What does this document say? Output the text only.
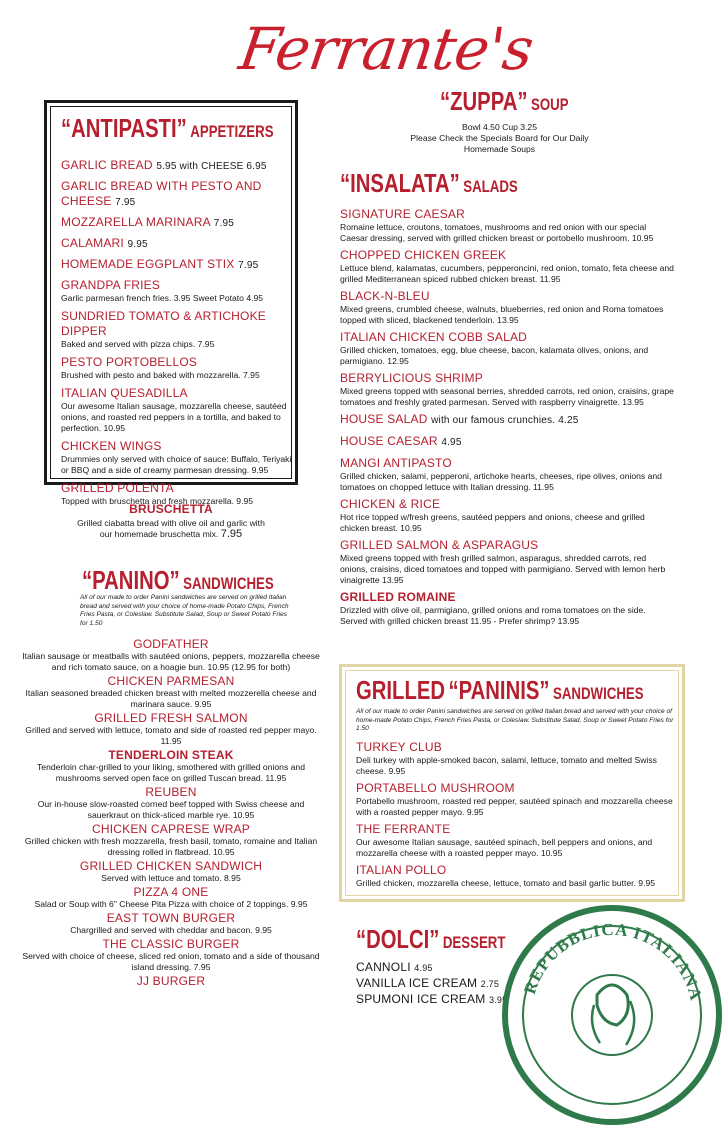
Ferrante's
“ANTIPASTI” APPETIZERS
GARLIC BREAD 5.95 with CHEESE 6.95
GARLIC BREAD WITH PESTO AND CHEESE 7.95
MOZZARELLA MARINARA 7.95
CALAMARI 9.95
HOMEMADE EGGPLANT STIX 7.95
GRANDPA FRIES
Garlic parmesan french fries. 3.95 Sweet Potato 4.95
SUNDRIED TOMATO & ARTICHOKE DIPPER
Baked and served with pizza chips. 7.95
PESTO PORTOBELLOS
Brushed with pesto and baked with mozzarella. 7.95
ITALIAN QUESADILLA
Our awesome Italian sausage, mozzarella cheese, sautéed onions, and roasted red peppers in a tortilla, and baked to perfection. 10.95
CHICKEN WINGS
Drummies only served with choice of sauce: Buffalo, Teriyaki or BBQ and a side of creamy parmesan dressing. 9.95
GRILLED POLENTA
Topped with bruschetta and fresh mozzarella. 9.95
BRUSCHETTA
Grilled ciabatta bread with olive oil and garlic with our homemade bruschetta mix. 7.95
“PANINO” SANDWICHES
All of our made to order Panini sandwiches are served on grilled Italian bread and served with your choice of home-made Potato Chips, French Fries Pasta, or Coleslaw. Substitute Salad, Soup or Sweet Potato Fries for 1.50
GODFATHER
Italian sausage or meatballs with sautéed onions, peppers, mozzarella cheese and rich tomato sauce, on a hoagie bun. 10.95 (12.95 for both)
CHICKEN PARMESAN
Italian seasoned breaded chicken breast with melted mozzerella cheese and marinara sauce. 9.95
GRILLED FRESH SALMON
Grilled and served with lettuce, tomato and side of roasted red pepper mayo. 11.95
TENDERLOIN STEAK
Tenderloin char-grilled to your liking, smothered with grilled onions and mushrooms served open face on grilled Tuscan bread. 11.95
REUBEN
Our in-house slow-roasted corned beef topped with Swiss cheese and sauerkraut on thick-sliced marble rye. 10.95
CHICKEN CAPRESE WRAP
Grilled chicken with fresh mozzarella, fresh basil, tomato, romaine and Italian dressing rolled in flatbread. 10.95
GRILLED CHICKEN SANDWICH
Served with lettuce and tomato. 8.95
PIZZA 4 ONE
Salad or Soup with 6" Cheese Pita Pizza with choice of 2 toppings. 9.95
EAST TOWN BURGER
Chargrilled and served with cheddar and bacon. 9.95
THE CLASSIC BURGER
Served with choice of cheese, sliced red onion, tomato and a side of thousand island dressing. 7.95
JJ BURGER
“ZUPPA” SOUP
Bowl 4.50 Cup 3.25
Please Check the Specials Board for Our Daily
Homemade Soups
“INSALATA” SALADS
SIGNATURE CAESAR
Romaine lettuce, croutons, tomatoes, mushrooms and red onion with our special Caesar dressing, served with grilled chicken breast or portobello mushroom. 10.95
CHOPPED CHICKEN GREEK
Lettuce blend, kalamatas, cucumbers, pepperoncini, red onion, tomato, feta cheese and grilled Mediterranean spiced rubbed chicken breast. 11.95
BLACK-N-BLEU
Mixed greens, crumbled cheese, walnuts, blueberries, red onion and Roma tomatoes topped with sliced, blackened tenderloin. 13.95
ITALIAN CHICKEN COBB SALAD
Grilled chicken, tomatoes, egg, blue cheese, bacon, kalamata olives, onions, and parmigiano. 12.95
BERRYLICIOUS SHRIMP
Mixed greens topped with seasonal berries, shredded carrots, red onion, craisins, grape tomatoes and freshly grated parmesan. Served with raspberry vinaigrette. 13.95
HOUSE SALAD with our famous crunchies. 4.25
HOUSE CAESAR 4.95
MANGI ANTIPASTO
Grilled chicken, salami, pepperoni, artichoke hearts, cheeses, ripe olives, onions and tomatoes on chopped lettuce with Italian dressing. 11.95
CHICKEN & RICE
Hot rice topped w/fresh greens, sautéed peppers and onions, cheese and grilled chicken breast. 10.95
GRILLED SALMON & ASPARAGUS
Mixed greens topped with fresh grilled salmon, asparagus, shredded carrots, red onions, craisins, diced tomatoes and topped with parmigiano. Served with lemon herb vinaigrette 13.95
GRILLED ROMAINE
Drizzled with olive oil, parmigiano, grilled onions and roma tomatoes on the side. Served with grilled chicken breast 11.95 - Prefer shrimp? 13.95
GRILLED “PANINIS” SANDWICHES
All of our made to order Panini sandwiches are served on grilled Italian bread and served with your choice of home-made Potato Chips, French Fries Pasta, or Coleslaw. Substitute Salad, Soup or Sweet Potato Fries for 1.50
TURKEY CLUB
Deli turkey with apple-smoked bacon, salami, lettuce, tomato and melted Swiss cheese. 9.95
PORTABELLO MUSHROOM
Portabello mushroom, roasted red pepper, sautéed spinach and mozzarella cheese with a roasted pepper mayo. 9.95
THE FERRANTE
Our awesome Italian sausage, sautéed spinach, bell peppers and onions, and mozzarella cheese with a roasted pepper mayo. 10.95
ITALIAN POLLO
Grilled chicken, mozzarella cheese, lettuce, tomato and basil garlic butter. 9.95
“DOLCI” DESSERT
CANNOLI 4.95
VANILLA ICE CREAM 2.75
SPUMONI ICE CREAM 3.95
REPUBBLICA ITALIANA
